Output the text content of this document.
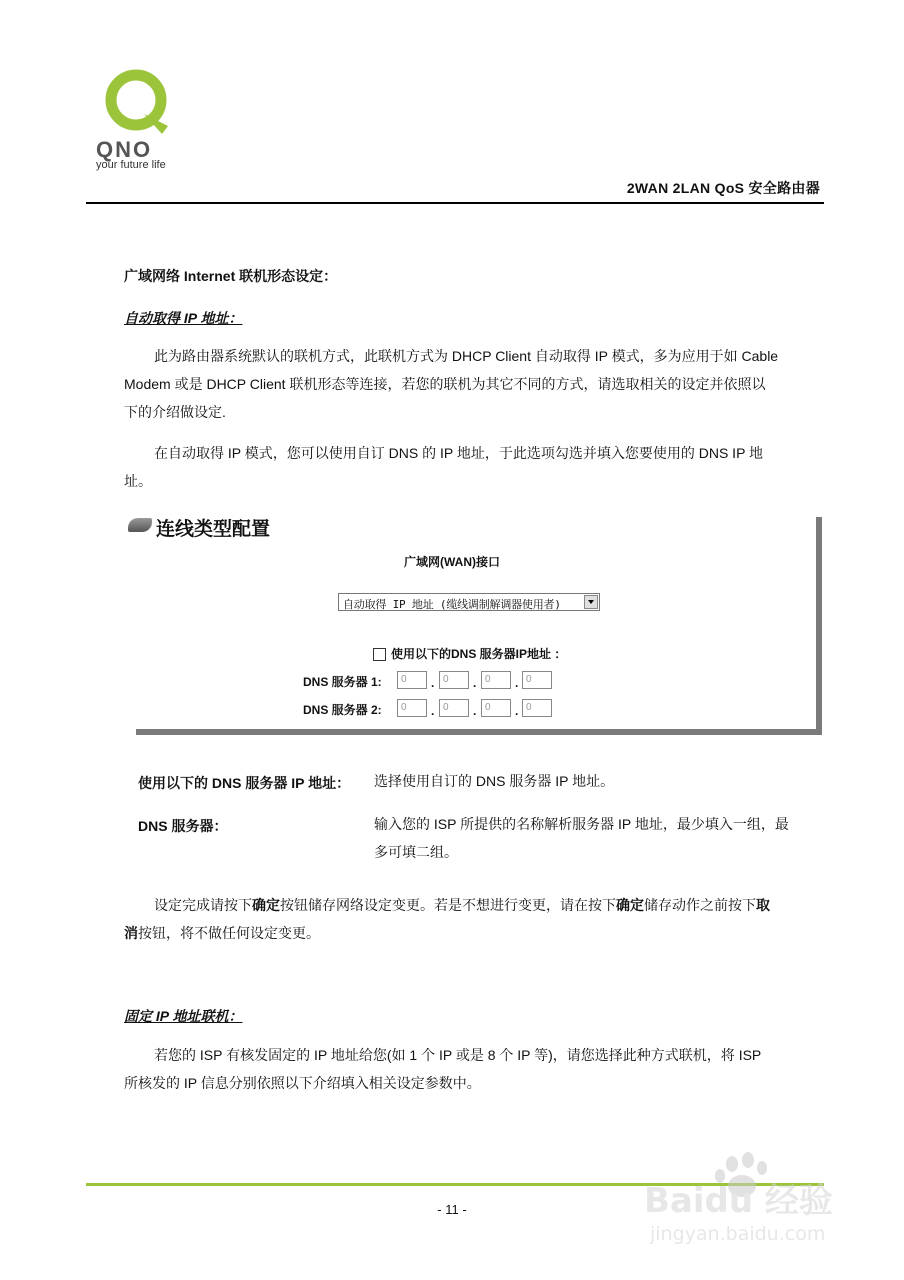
QNO
your future life
2WAN 2LAN QoS 安全路由器
广域网络 Internet 联机形态设定：
自动取得 IP 地址：
此为路由器系统默认的联机方式，此联机方式为 DHCP Client 自动取得 IP 模式，多为应用于如 Cable
Modem 或是 DHCP Client 联机形态等连接，若您的联机为其它不同的方式，请选取相关的设定并依照以
下的介绍做设定.
在自动取得 IP 模式，您可以使用自订 DNS 的 IP 地址，于此选项勾选并填入您要使用的 DNS IP 地
址。
连线类型配置
广域网(WAN)接口
自动取得 IP 地址 (缆线调制解调器使用者)
使用以下的DNS 服务器IP地址 ：
DNS 服务器 1:	0	. 0	. 0	. 0
DNS 服务器 2:	0	. 0	. 0	. 0
使用以下的 DNS 服务器 IP 地址： 选择使用自订的 DNS 服务器 IP 地址。
DNS 服务器：	输入您的 ISP 所提供的名称解析服务器 IP 地址，最少填入一组，最
多可填二组。
设定完成请按下确定按钮储存网络设定变更。若是不想进行变更，请在按下确定储存动作之前按下取
消按钮，将不做任何设定变更。
固定 IP 地址联机：
若您的 ISP 有核发固定的 IP 地址给您(如 1 个 IP 或是 8 个 IP 等)，请您选择此种方式联机，将 ISP
所核发的 IP 信息分别依照以下介绍填入相关设定参数中。
- 11 -	Baidu 经验
jingyan.baidu.com
